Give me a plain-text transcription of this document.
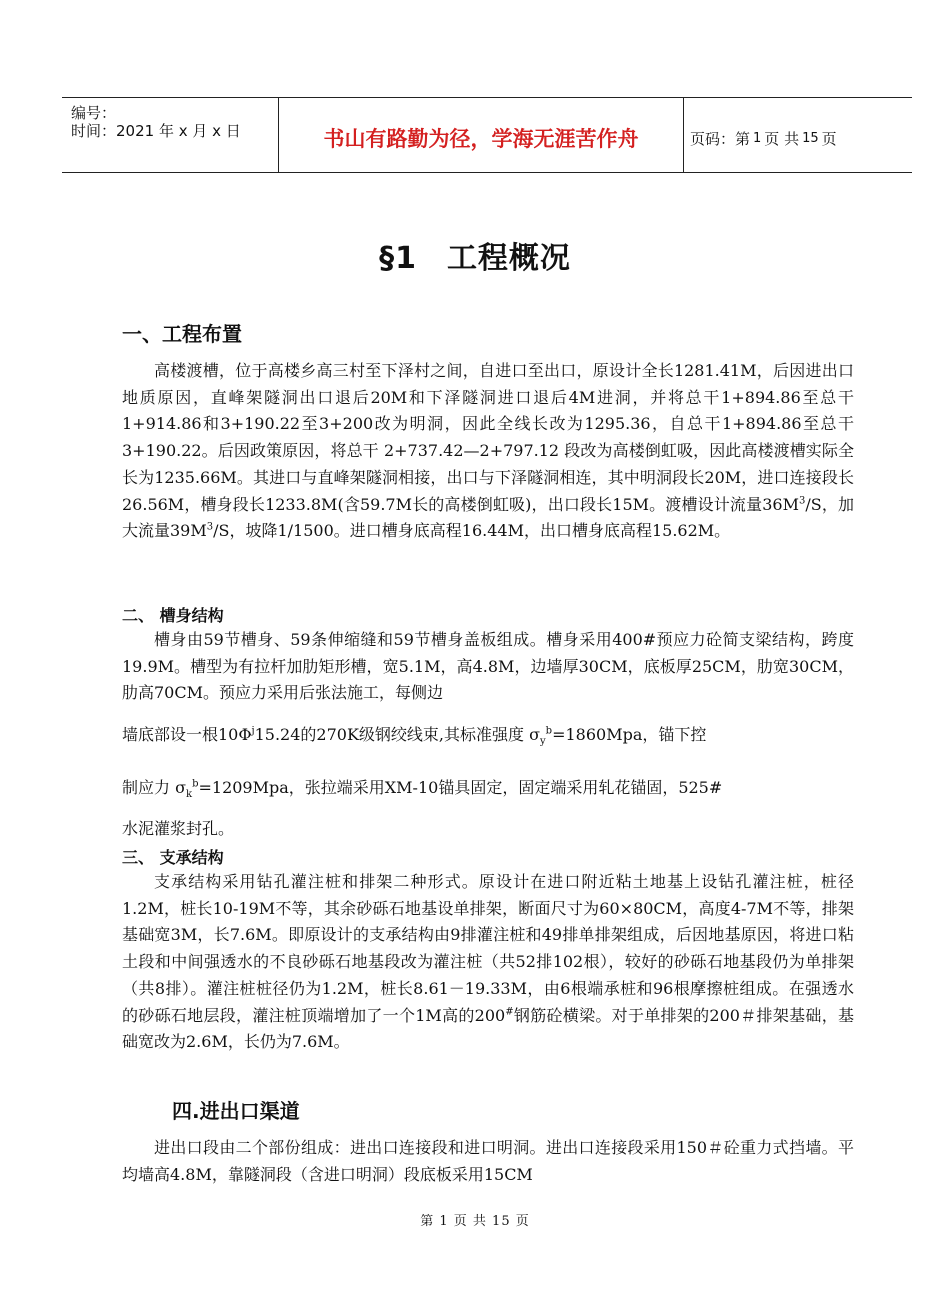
编号：
时间：2021 年 x 月 x 日	书山有路勤为径，学海无涯苦作舟	页码：第 1 页 共 15 页
§1 工程概况
一、工程布置
高楼渡槽，位于高楼乡高三村至下泽村之间，自进口至出口，原设计全长1281.41M，后因进出口地质原因，直峰架隧洞出口退后20M和下泽隧洞进口退后4M进洞，并将总干1+894.86至总干1+914.86和3+190.22至3+200改为明洞，因此全线长改为1295.36，自总干1+894.86至总干3+190.22。后因政策原因，将总干 2+737.42—2+797.12 段改为高楼倒虹吸，因此高楼渡槽实际全长为1235.66M。其进口与直峰架隧洞相接，出口与下泽隧洞相连，其中明洞段长20M，进口连接段长26.56M，槽身段长1233.8M(含59.7M长的高楼倒虹吸)，出口段长15M。渡槽设计流量$36M^3/S$，加大流量$39M^3/S$，坡降1/1500。进口槽身底高程16.44M，出口槽身底高程15.62M。
二、 槽身结构
槽身由59节槽身、59条伸缩缝和59节槽身盖板组成。槽身采用400#预应力砼简支梁结构，跨度19.9M。槽型为有拉杆加肋矩形槽，宽5.1M，高4.8M，边墙厚30CM，底板厚25CM，肋宽30CM，肋高70CM。预应力采用后张法施工，每侧边
墙底部设一根$10\Phi^j15.24$的270K级钢绞线束,其标准强度 $\sigma_y^b=1860Mpa$，锚下控
制应力 $\sigma_k^b=1209Mpa$，张拉端采用XM-10锚具固定，固定端采用轧花锚固，525#
水泥灌浆封孔。
三、 支承结构
支承结构采用钻孔灌注桩和排架二种形式。原设计在进口附近粘土地基上设钻孔灌注桩，桩径1.2M，桩长10-19M不等，其余砂砾石地基设单排架，断面尺寸为60×80CM，高度4-7M不等，排架基础宽3M，长7.6M。即原设计的支承结构由9排灌注桩和49排单排架组成，后因地基原因，将进口粘土段和中间强透水的不良砂砾石地基段改为灌注桩（共52排102根），较好的砂砾石地基段仍为单排架（共8排）。灌注桩桩径仍为1.2M，桩长8.61－19.33M，由6根端承桩和96根摩擦桩组成。在强透水的砂砾石地层段，灌注桩顶端增加了一个1M高的200#钢筋砼横梁。对于单排架的200＃排架基础，基础宽改为2.6M，长仍为7.6M。
四.进出口渠道
进出口段由二个部份组成：进出口连接段和进口明洞。进出口连接段采用150＃砼重力式挡墙。平均墙高4.8M，靠隧洞段（含进口明洞）段底板采用15CM
第 1 页 共 15 页
